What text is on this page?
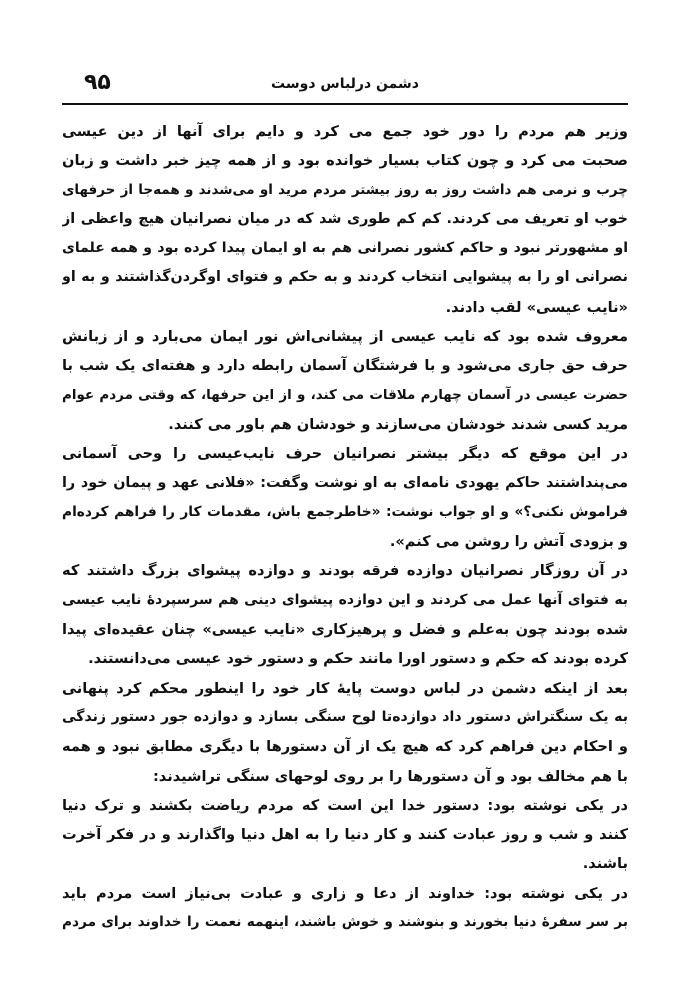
دشمن درلباس دوست
۹۵
وزیر هم مردم را دور خود جمع می کرد و دایم برای آنها از دین عیسی
صحبت می کرد و چون کتاب بسیار خوانده بود و از همه چیز خبر داشت و زبان
چرب و نرمی هم داشت روز به روز بیشتر مردم مرید او می‌شدند و همه‌جا از حرفهای
خوب او تعریف می کردند. کم کم طوری شد که در میان نصرانیان هیچ واعظی از
او مشهورتر نبود و حاکم کشور نصرانی هم به او ایمان پیدا کرده بود و همه علمای
نصرانی او را به پیشوایی انتخاب کردند و به حکم و فتوای اوگردن‌گذاشتند و به او
«نایب عیسی» لقب دادند.
معروف شده بود که نایب عیسی از پیشانی‌اش نور ایمان می‌بارد و از زبانش
حرف حق جاری می‌شود و با فرشتگان آسمان رابطه دارد و هفته‌ای یک شب با
حضرت عیسی در آسمان چهارم ملاقات می کند، و از این حرفها، که وقتی مردم عوام
مرید کسی شدند خودشان می‌سازند و خودشان هم باور می کنند.
در این موقع که دیگر بیشتر نصرانیان حرف نایب‌عیسی را وحی آسمانی
می‌پنداشتند حاکم یهودی نامه‌ای به او نوشت وگفت: «فلانی عهد و پیمان خود را
فراموش نکنی؟» و او جواب نوشت: «خاطرجمع باش، مقدمات کار را فراهم کرده‌ام
و بزودی آتش را روشن می کنم».
در آن روزگار نصرانیان دوازده فرقه بودند و دوازده پیشوای بزرگ داشتند که
به فتوای آنها عمل می کردند و این دوازده پیشوای دینی هم سرسپردهٔ نایب عیسی
شده بودند چون به‌علم و فضل و پرهیزکاری «نایب عیسی» چنان عقیده‌ای پیدا
کرده بودند که حکم و دستور اورا مانند حکم و دستور خود عیسی می‌دانستند.
بعد از اینکه دشمن در لباس دوست پایهٔ کار خود را اینطور محکم کرد پنهانی
به یک سنگتراش دستور داد دوازده‌تا لوح سنگی بسازد و دوازده جور دستور زندگی
و احکام دین فراهم کرد که هیچ یک از آن دستورها با دیگری مطابق نبود و همه
با هم مخالف بود و آن دستورها را بر روی لوحهای سنگی تراشیدند:
در یکی نوشته بود: دستور خدا این است که مردم ریاضت بکشند و ترک دنیا
کنند و شب و روز عبادت کنند و کار دنیا را به اهل دنیا واگذارند و در فکر آخرت
باشند.
در یکی نوشته بود: خداوند از دعا و زاری و عبادت بی‌نیاز است مردم باید
بر سر سفرهٔ دنیا بخورند و بنوشند و خوش باشند، اینهمه نعمت را خداوند برای مردم
